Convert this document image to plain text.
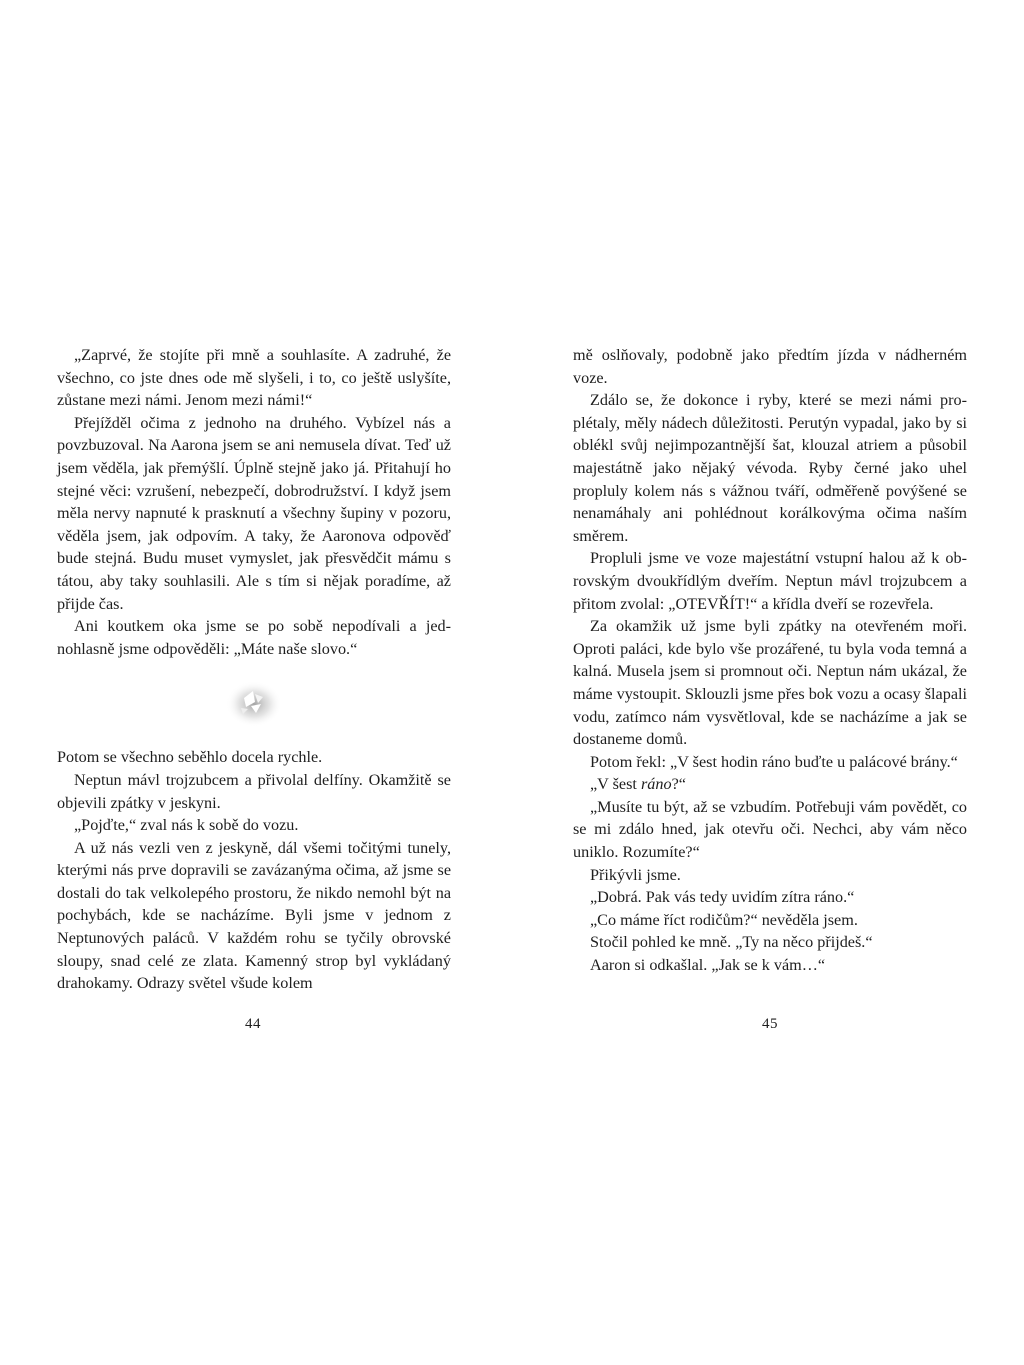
„Zaprvé, že stojíte při mně a souhlasíte. A zadruhé, že všechno, co jste dnes ode mě slyšeli, i to, co ještě uslyšíte, zůstane mezi námi. Jenom mezi námi!“

Přejížděl očima z jednoho na druhého. Vybízel nás a povzbuzoval. Na Aarona jsem se ani nemusela dívat. Teď už jsem věděla, jak přemýšlí. Úplně stejně jako já. Přitahují ho stejné věci: vzrušení, nebezpečí, dobrodružství. I když jsem měla nervy napnuté k prasknutí a všechny šupiny v pozoru, věděla jsem, jak odpovím. A taky, že Aaronova odpověď bude stejná. Budu muset vymyslet, jak přesvědčit mámu s tátou, aby taky souhlasili. Ale s tím si nějak poradíme, až přijde čas.

Ani koutkem oka jsme se po sobě nepodívali a jednohlasně jsme odpověděli: „Máte naše slovo.“

Potom se všechno seběhlo docela rychle.

Neptun mávl trojzubcem a přivolal delfíny. Okamžitě se objevili zpátky v jeskyni.

„Pojďte,“ zval nás k sobě do vozu.

A už nás vezli ven z jeskyně, dál všemi točitými tunely, kterými nás prve dopravili se zavázanýma očima, až jsme se dostali do tak velkolepého prostoru, že nikdo nemohl být na pochybách, kde se nacházíme. Byli jsme v jednom z Neptunových paláců. V každém rohu se tyčily obrovské sloupy, snad celé ze zlata. Kamenný strop byl vykládaný drahokamy. Odrazy světel všude kolem

mě oslňovaly, podobně jako předtím jízda v nádherném voze.

Zdálo se, že dokonce i ryby, které se mezi námi proplétaly, měly nádech důležitosti. Perutýn vypadal, jako by si oblékl svůj nejimpozantnější šat, klouzal atriem a působil majestátně jako nějaký vévoda. Ryby černé jako uhel propluly kolem nás s vážnou tváří, odměřeně povýšené se nenamáhaly ani pohlédnout korálkovýma očima naším směrem.

Propluli jsme ve voze majestátní vstupní halou až k obrovským dvoukřídlým dveřím. Neptun mávl trojzubcem a přitom zvolal: „OTEVŘÍT!“ a křídla dveří se rozevřela.

Za okamžik už jsme byli zpátky na otevřeném moři. Oproti paláci, kde bylo vše prozářené, tu byla voda temná a kalná. Musela jsem si promnout oči. Neptun nám ukázal, že máme vystoupit. Sklouzli jsme přes bok vozu a ocasy šlapali vodu, zatímco nám vysvětloval, kde se nacházíme a jak se dostaneme domů.

Potom řekl: „V šest hodin ráno buďte u palácové brány.“

„V šest ráno?“

„Musíte tu být, až se vzbudím. Potřebuji vám povědět, co se mi zdálo hned, jak otevřu oči. Nechci, aby vám něco uniklo. Rozumíte?“

Přikývli jsme.

„Dobrá. Pak vás tedy uvidím zítra ráno.“

„Co máme říct rodičům?“ nevěděla jsem.

Stočil pohled ke mně. „Ty na něco přijdeš.“

Aaron si odkašlal. „Jak se k vám…“

44	45
